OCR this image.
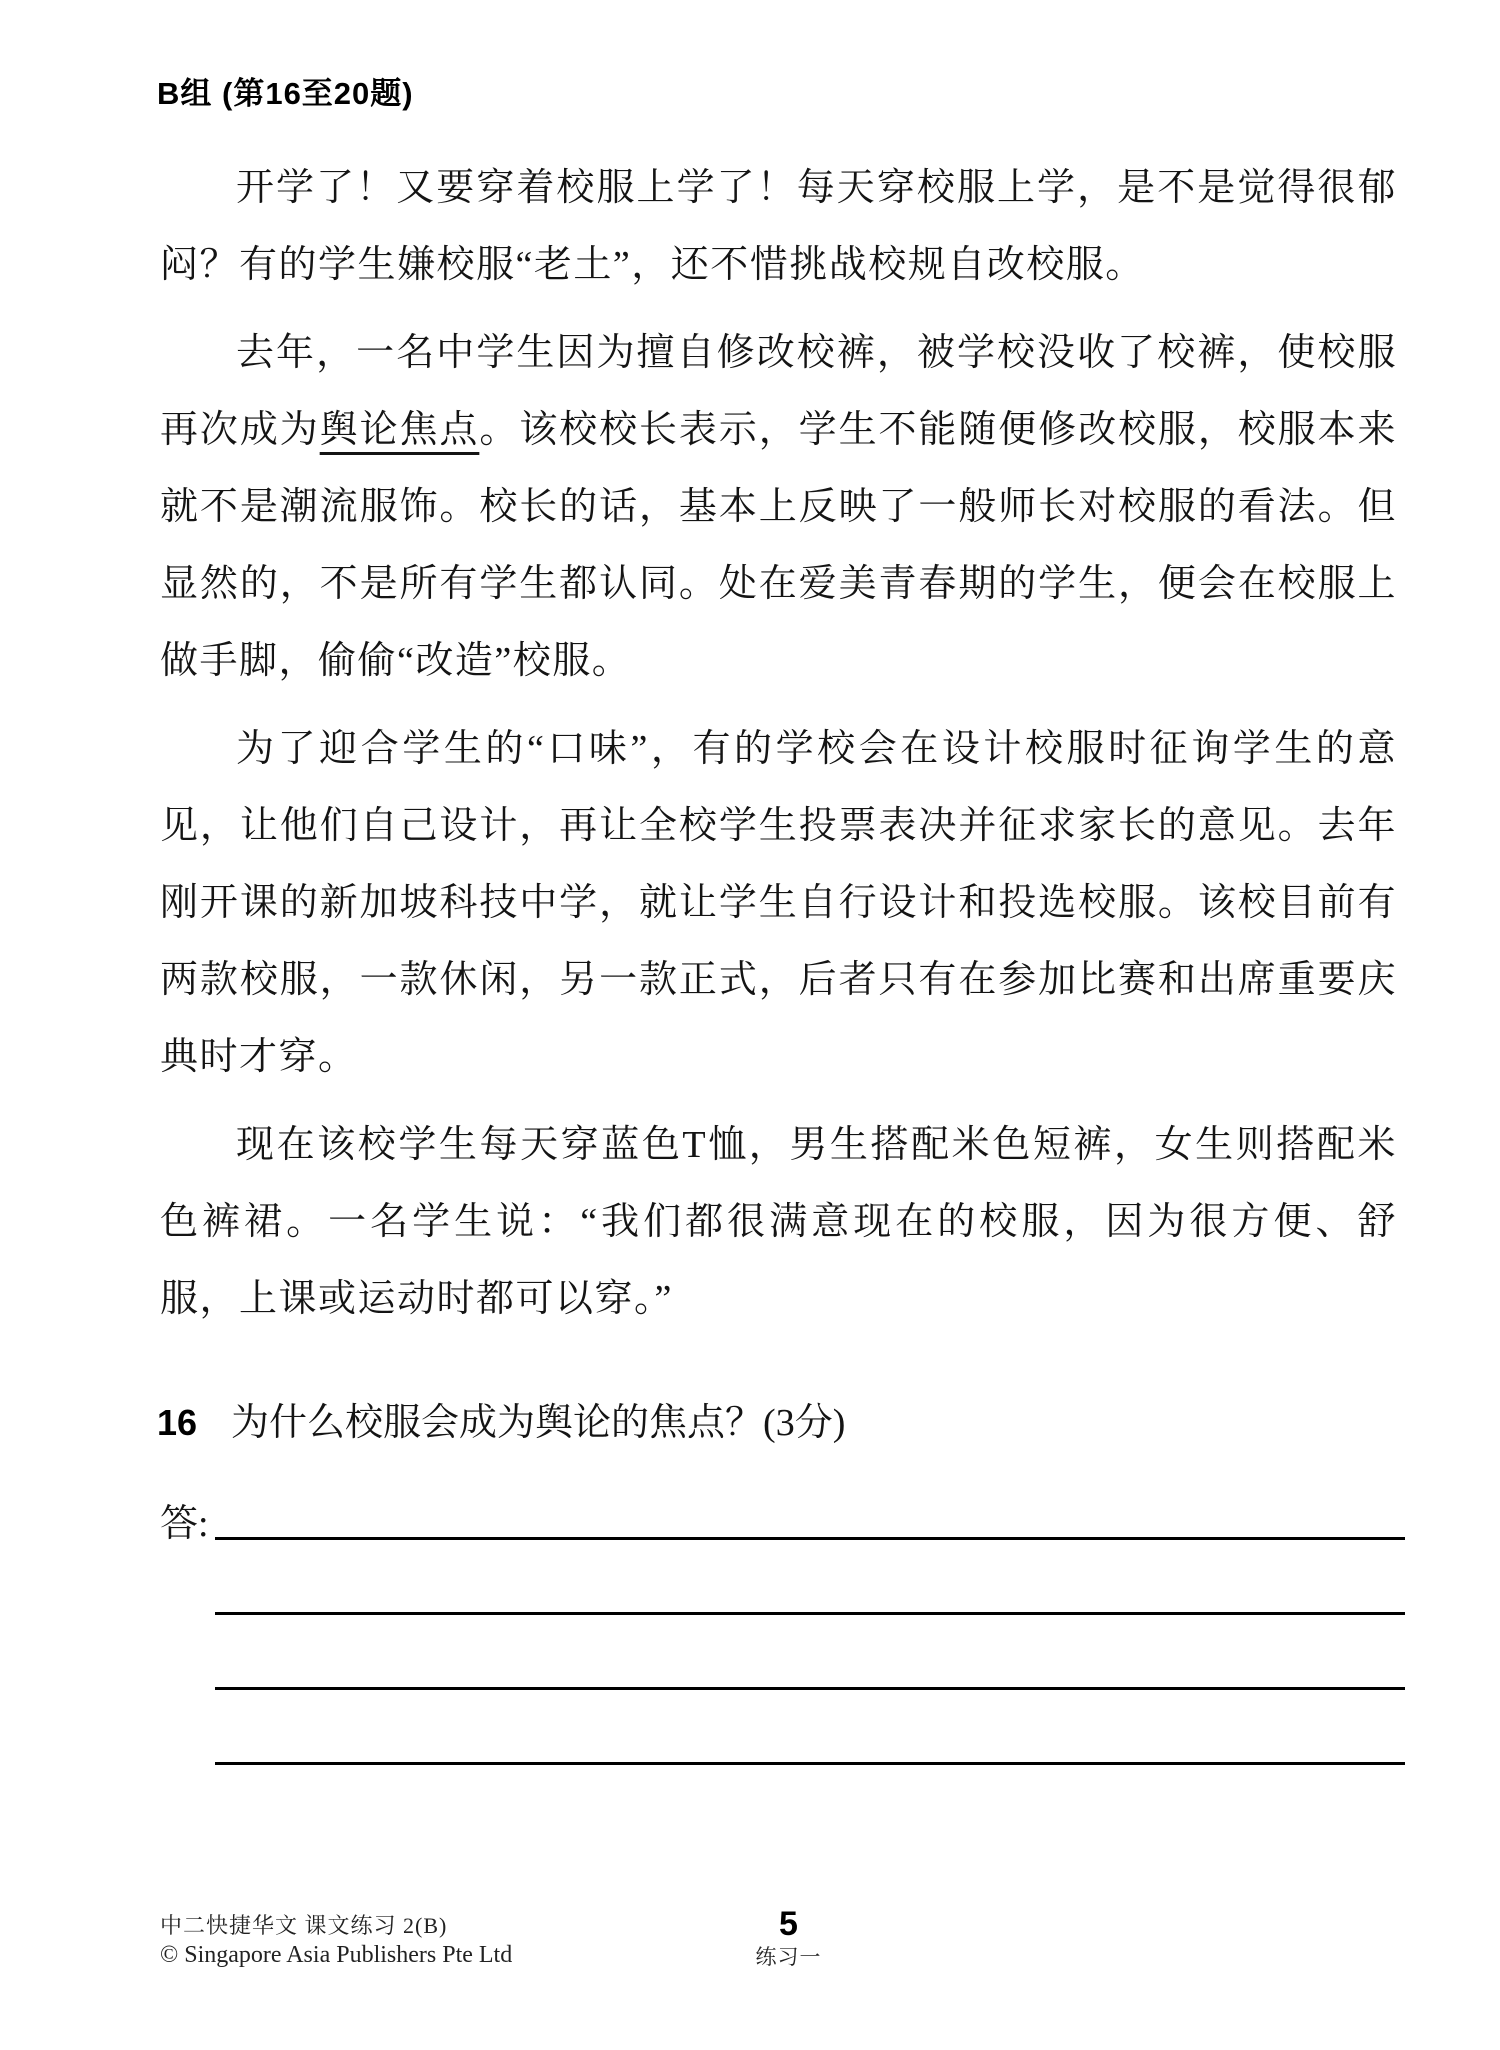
B组 (第16至20题)

开学了！又要穿着校服上学了！每天穿校服上学，是不是觉得很郁闷？有的学生嫌校服“老土”，还不惜挑战校规自改校服。

去年，一名中学生因为擅自修改校裤，被学校没收了校裤，使校服再次成为舆论焦点。该校校长表示，学生不能随便修改校服，校服本来就不是潮流服饰。校长的话，基本上反映了一般师长对校服的看法。但显然的，不是所有学生都认同。处在爱美青春期的学生，便会在校服上做手脚，偷偷“改造”校服。

为了迎合学生的“口味”，有的学校会在设计校服时征询学生的意见，让他们自己设计，再让全校学生投票表决并征求家长的意见。去年刚开课的新加坡科技中学，就让学生自行设计和投选校服。该校目前有两款校服，一款休闲，另一款正式，后者只有在参加比赛和出席重要庆典时才穿。

现在该校学生每天穿蓝色T恤，男生搭配米色短裤，女生则搭配米色裤裙。一名学生说：“我们都很满意现在的校服，因为很方便、舒服，上课或运动时都可以穿。”

16 为什么校服会成为舆论的焦点？(3分)
答:
中二快捷华文 课文练习 2(B)
© Singapore Asia Publishers Pte Ltd
5
练习一
